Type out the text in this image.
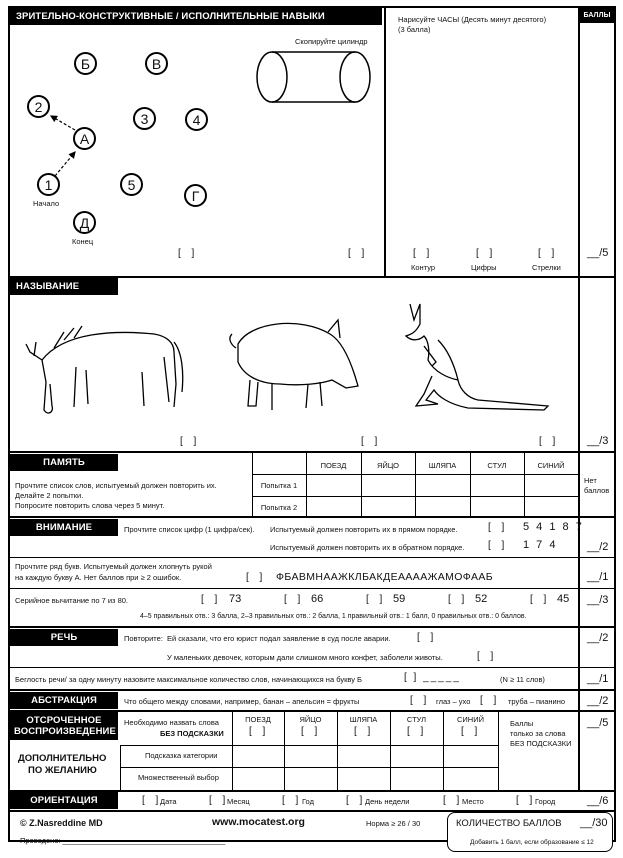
ЗРИТЕЛЬНО-КОНСТРУКТИВНЫЕ / ИСПОЛНИТЕЛЬНЫЕ НАВЫКИ	БАЛЛЫ
Б	В
2
3	4
А
1	5
Г
Д
Начало
Конец
Скопируйте цилиндр
[ ]	[ ]
Нарисуйте ЧАСЫ (Десять минут десятого)
(3 балла)
[ ]	[ ]	[ ]
Контур	Цифры	Стрелки
__/5
НАЗЫВАНИЕ
[ ]	[ ]	[ ]	__/3
ПАМЯТЬ
Прочтите список слов, испытуемый должен повторить их.
Делайте 2 попытки.
Попросите повторить слова через 5 минут.
ПОЕЗД	ЯЙЦО	ШЛЯПА	СТУЛ	СИНИЙ
Попытка 1
Попытка 2
Нет
баллов
ВНИМАНИЕ	Прочтите список цифр (1 цифра/сек). Испытуемый должен повторить их в прямом порядке.	[ ] 5 4 1 8 7
Испытуемый должен повторить их в обратном порядке. [ ] 1 7 4	__/2
Прочтите ряд букв. Испытуемый должен хлопнуть рукой
на каждую букву А. Нет баллов при ≥ 2 ошибок.	[ ] ФБАВМНААЖКЛБАКДЕААААЖАМОФААБ	__/1
Серийное вычитание по 7 из 80.	[ ] 73	[ ] 66	[ ] 59	[ ] 52	[ ] 45
4–5 правильных отв.: 3 балла, 2–3 правильных отв.: 2 балла, 1 правильный отв.: 1 балл, 0 правильных отв.: 0 баллов.
__/3
РЕЧЬ	Повторите: Ей сказали, что его юрист подал заявление в суд после аварии.	[ ]
У маленьких девочек, которым дали слишком много конфет, заболели животы.	[ ]
__/2
Беглость речи/ за одну минуту назовите максимальное количество слов, начинающихся на букву Б	[ ] _____	(N ≥ 11 слов)	__/1
АБСТРАКЦИЯ	Что общего между словами, например, банан – апельсин = фрукты	[ ] глаз – ухо [ ] труба – пианино __/2
ОТСРОЧЕННОЕ
ВОСПРОИЗВЕДЕНИЕ
Необходимо назвать слова
БЕЗ ПОДСКАЗКИ
ПОЕЗД	ЯЙЦО	ШЛЯПА	СТУЛ	СИНИЙ
[ ]	[ ]	[ ]	[ ]	[ ]
Баллы
только за слова
БЕЗ ПОДСКАЗКИ
__/5
ДОПОЛНИТЕЛЬНО
ПО ЖЕЛАНИЮ
Подсказка категории
Множественный выбор
ОРИЕНТАЦИЯ	[ ]
Дата	[ ]
Месяц	[ ] Год	[ ]
День недели	[ ]
Место	[ ]
Город	__/6
© Z.Nasreddine MD	www.mocatest.org	Норма ≥ 26 / 30
Проведено: _______________________________________
КОЛИЧЕСТВО БАЛЛОВ __/30
Добавить 1 балл, если образование ≤ 12
